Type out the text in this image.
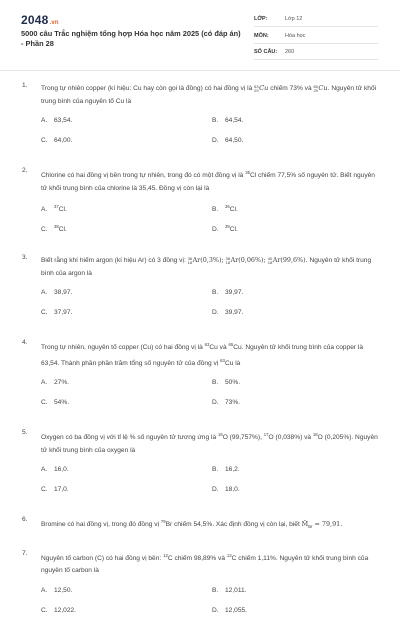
2048.vn
5000 câu Trắc nghiệm tổng hợp Hóa học năm 2025 (có đáp án) - Phần 28
LỚP:	Lớp 12
MÔN:	Hóa học
SỐ CÂU: 260
1. Trong tự nhiên copper (kí hiệu: Cu hay còn gọi là đồng) có hai đồng vị là 63
29Cu chiếm 73% và 65
29Cu. Nguyên tử khối trung bình của nguyên tố Cu là
A. 63,54.	B. 64,54.
C. 64,00.	D. 64,50.
2.
Chlorine có hai đồng vị bền trong tự nhiên, trong đó có một đồng vị là $^{35}$Cl chiếm 77,5% số nguyên tử. Biết nguyên tử khối trung bình của chlorine là 35,45. Đồng vị còn lại là
A. $^{37}$Cl.	B. $^{36}$Cl.
C. $^{38}$Cl.	D. $^{39}$Cl.
3. Biết rằng khí hiếm argon (kí hiệu Ar) có 3 đồng vị: 36
18Ar(0,3%); 38
18Ar(0,06%); 40
18Ar(99,6%). Nguyên tử khối trung bình của argon là
A. 38,97.	B. 39,97.
C. 37,97.	D. 39,97.
4.
Trong tự nhiên, nguyên tố copper (Cu) có hai đồng vị là $^{63}$Cu và $^{65}$Cu. Nguyên tử khối trung bình của copper là 63,54. Thành phần phần trăm tổng số nguyên tử của đồng vị $^{63}$Cu là
A. 27%.	B. 50%.
C. 54%.	D. 73%.
5.
Oxygen có ba đồng vị với tỉ lệ % số nguyên tử tương ứng là $^{16}$O (99,757%), $^{17}$O (0,038%) và $^{18}$O (0,205%). Nguyên tử khối trung bình của oxygen là
A. 16,0.	B. 16,2.
C. 17,0.	D. 18,0.
6.
Bromine có hai đồng vị, trong đó đồng vị $^{79}$Br chiếm 54,5%. Xác định đồng vị còn lại, biết $M̄_{Br} = 79,91$.
7.
Nguyên tố carbon (C) có hai đồng vị bền: $^{12}$C chiếm 98,89% và $^{13}$C chiếm 1,11%. Nguyên tử khối trung bình của nguyên tố carbon là
A. 12,50.	B. 12,011.
C. 12,022.	D. 12,055.
